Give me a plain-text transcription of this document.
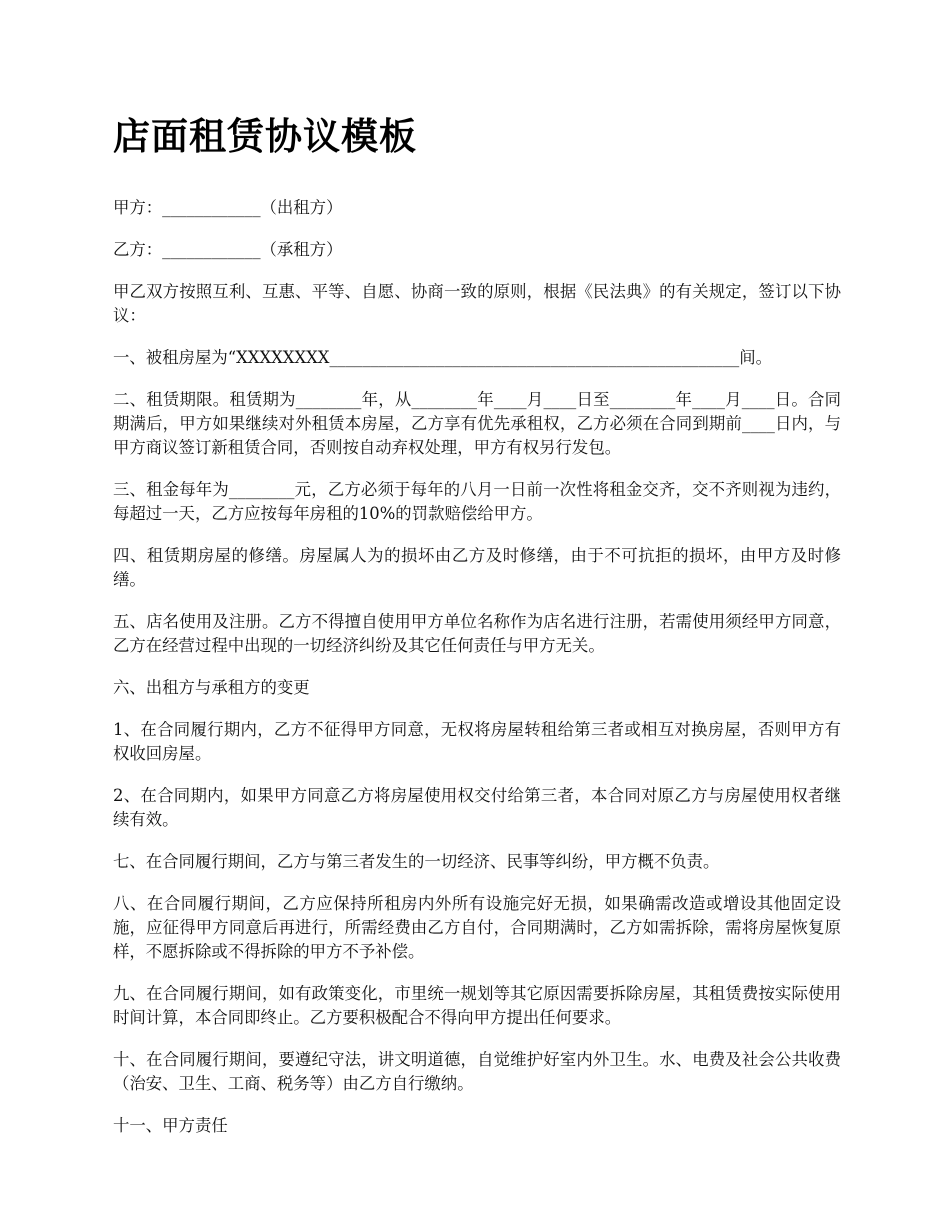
店面租赁协议模板

甲方：____________（出租方）

乙方：____________（承租方）

甲乙双方按照互利、互惠、平等、自愿、协商一致的原则，根据《民法典》的有关规定，签订以下协议：

一、被租房屋为“XXXXXXXX__________________________________________________间。

二、租赁期限。租赁期为________年，从________年____月____日至________年____月____日。合同期满后，甲方如果继续对外租赁本房屋，乙方享有优先承租权，乙方必须在合同到期前____日内，与甲方商议签订新租赁合同，否则按自动弃权处理，甲方有权另行发包。

三、租金每年为________元，乙方必须于每年的八月一日前一次性将租金交齐，交不齐则视为违约，每超过一天，乙方应按每年房租的10%的罚款赔偿给甲方。

四、租赁期房屋的修缮。房屋属人为的损坏由乙方及时修缮，由于不可抗拒的损坏，由甲方及时修缮。

五、店名使用及注册。乙方不得擅自使用甲方单位名称作为店名进行注册，若需使用须经甲方同意，乙方在经营过程中出现的一切经济纠纷及其它任何责任与甲方无关。

六、出租方与承租方的变更

1、在合同履行期内，乙方不征得甲方同意，无权将房屋转租给第三者或相互对换房屋，否则甲方有权收回房屋。

2、在合同期内，如果甲方同意乙方将房屋使用权交付给第三者，本合同对原乙方与房屋使用权者继续有效。

七、在合同履行期间，乙方与第三者发生的一切经济、民事等纠纷，甲方概不负责。

八、在合同履行期间，乙方应保持所租房内外所有设施完好无损，如果确需改造或增设其他固定设施，应征得甲方同意后再进行，所需经费由乙方自付，合同期满时，乙方如需拆除，需将房屋恢复原样，不愿拆除或不得拆除的甲方不予补偿。

九、在合同履行期间，如有政策变化，市里统一规划等其它原因需要拆除房屋，其租赁费按实际使用时间计算，本合同即终止。乙方要积极配合不得向甲方提出任何要求。

十、在合同履行期间，要遵纪守法，讲文明道德，自觉维护好室内外卫生。水、电费及社会公共收费（治安、卫生、工商、税务等）由乙方自行缴纳。

十一、甲方责任
